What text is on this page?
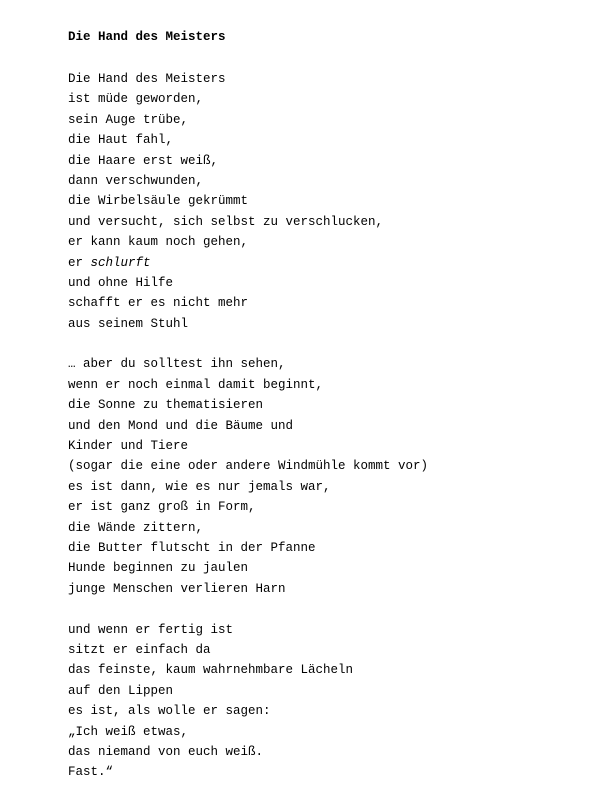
Die Hand des Meisters
Die Hand des Meisters
ist müde geworden,
sein Auge trübe,
die Haut fahl,
die Haare erst weiß,
dann verschwunden,
die Wirbelsäule gekrümmt
und versucht, sich selbst zu verschlucken,
er kann kaum noch gehen,
er schlurft
und ohne Hilfe
schafft er es nicht mehr
aus seinem Stuhl
… aber du solltest ihn sehen,
wenn er noch einmal damit beginnt,
die Sonne zu thematisieren
und den Mond und die Bäume und
Kinder und Tiere
(sogar die eine oder andere Windmühle kommt vor)
es ist dann, wie es nur jemals war,
er ist ganz groß in Form,
die Wände zittern,
die Butter flutscht in der Pfanne
Hunde beginnen zu jaulen
junge Menschen verlieren Harn
und wenn er fertig ist
sitzt er einfach da
das feinste, kaum wahrnehmbare Lächeln
auf den Lippen
es ist, als wolle er sagen:
„Ich weiß etwas,
das niemand von euch weiß.
Fast.“
